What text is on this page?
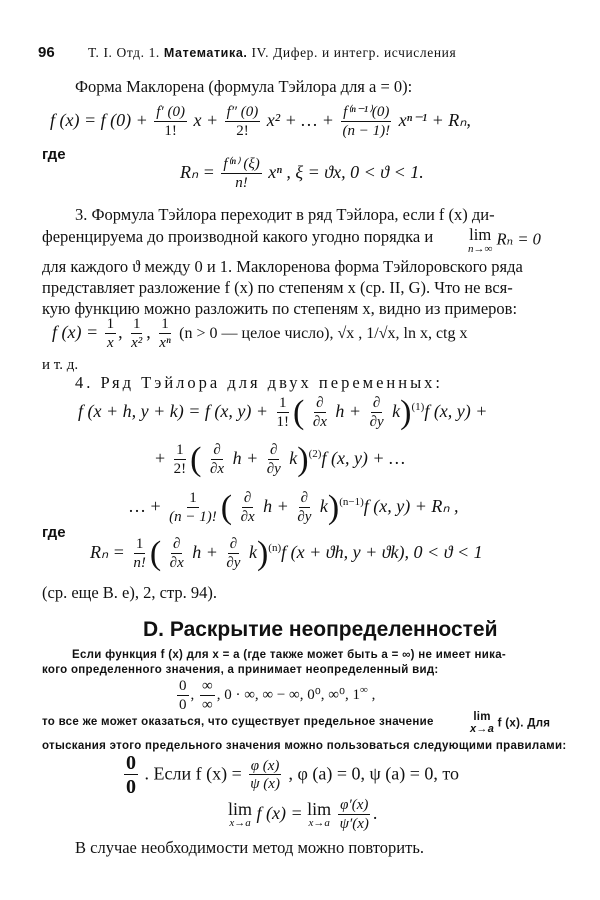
96 Т. I. Отд. 1. Математика. IV. Дифер. и интегр. исчисления
Форма Маклорена (формула Тэйлора для a = 0):
f (x) = f $(0) + \frac{f' (0)}{1!}$ $x + \frac{f'' (0)}{2!} x^2$ + … + $\frac{\text{f⁽ⁿ⁻¹⁾(0)}}{(n - 1)!} x^{n-1} + R_n$,
где
$R_n = \frac{\text{f⁽ⁿ⁾ (ξ)}}{n!}$ xⁿ , ξ = ϑx, 0 < ϑ < 1.
3. Формула Тэйлора переходит в ряд Тэйлора, если f (x) ди-
ференцируема до производной какого угодно порядка и lim
n→∞ Rₙ = 0
для каждого ϑ между 0 и 1. Маклоренова форма Тэйлоровского ряда
представляет разложение f (x) по степеням x (ср. II, G). Что не вся-
кую функцию можно разложить по степеням x, видно из примеров:
f $(x) = \frac{1}{x}$ , $\frac{1}{\text{x²}}$ , $\frac{1}{\text{xⁿ}} (n > 0$ — целое число), √x , 1/√x, ln x, ctg x
и т. д.
4. Ряд Тэйлора для двух переменных:
f (x + h, y + k) = f (x, $y) + \frac{1}{1!}$ ( $\frac{\partial}{\partial x}$ $h + \frac{\partial}{\partial y} k)^{(1)}f$ (x, y) +
+ $\frac{1}{2!}$ ( $\frac{\partial}{\partial x}$ $h + \frac{\partial}{\partial y} k)^{(2)}f$ (x, y) + …
… + $\frac{1}{(n - 1)!}$ ( $\frac{\partial}{\partial x}$ $h + \frac{\partial}{\partial y} k)^{(n-1)}f$ (x, y) + Rₙ ,
где
$R_n = \frac{1}{n!}$ ( $\frac{\partial}{\partial x}$ $h + \frac{\partial}{\partial y} k)^{(n)}f$ (x + ϑh, y + ϑk), 0 < ϑ < 1
(ср. еще B. e), 2, стр. 94).
D. Раскрытие неопределенностей
Если функция f (x) для x = a (где также может быть a = ∞) не имеет ника-
кого определенного значения, а принимает неопределенный вид:
$\frac{0}{0}$ , $\frac{\infty}{\infty}$ , 0 · ∞, ∞ − ∞, 0⁰, ∞⁰, 1∞ ,
то все же может оказаться, что существует предельное значение	lim
x→a f (x). Для
отыскания этого предельного значения можно пользоваться следующими правилами:
$\frac{0}{0}$ . Если f $(x) = \frac{\varphi (x)}{\psi (x)}$ , φ (a) = 0, ψ (a) = 0, то
lim
x→a
f (x) = lim
x→a
$\frac{\varphi'(x)}{\psi'(x)}$ .
В случае необходимости метод можно повторить.
